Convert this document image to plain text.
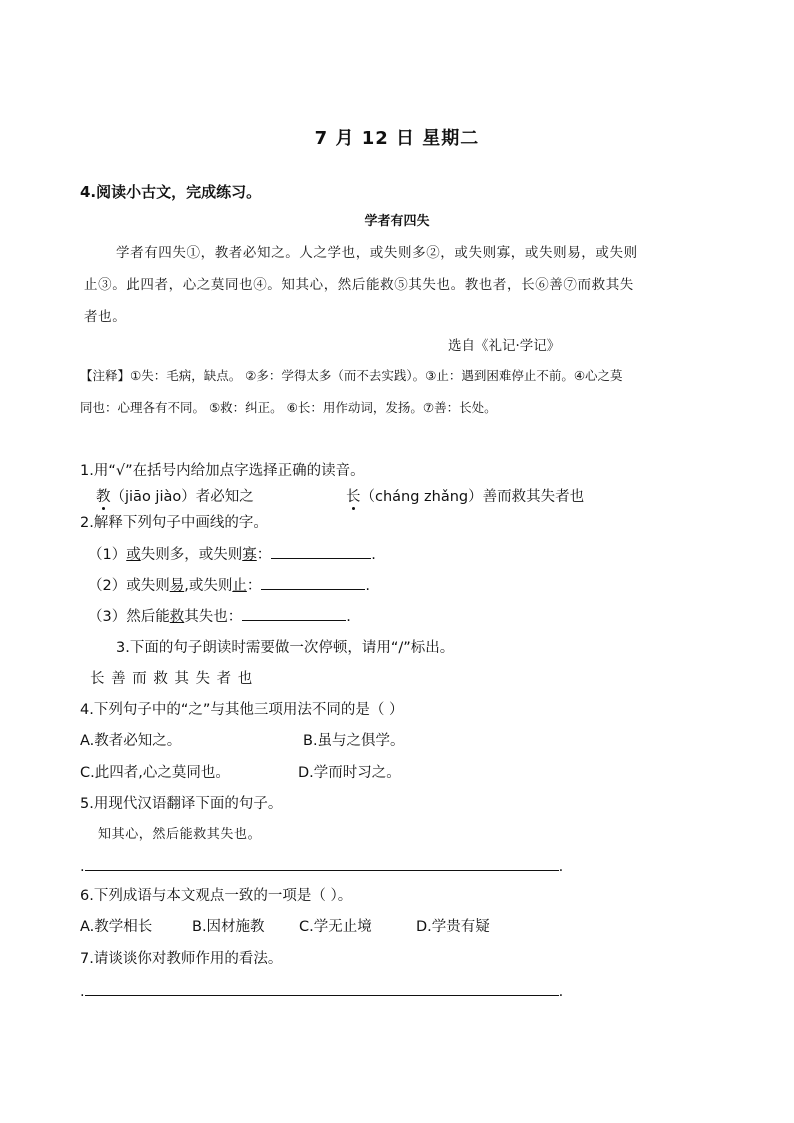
7 月 12 日 星期二
4.阅读小古文，完成练习。
学者有四失
学者有四失①，教者必知之。人之学也，或失则多②，或失则寡，或失则易，或失则
止③。此四者，心之莫同也④。知其心，然后能救⑤其失也。教也者，长⑥善⑦而救其失
者也。
选自《礼记·学记》
【注释】①失：毛病，缺点。 ②多：学得太多（而不去实践）。③止：遇到困难停止不前。④心之莫
同也：心理各有不同。 ⑤救：纠正。 ⑥长：用作动词，发扬。⑦善：长处。
1.用“√”在括号内给加点字选择正确的读音。
教（jiāo jiào）者必知之	长（cháng zhǎng）善而救其失者也
2.解释下列句子中画线的字。
（1）或失则多，或失则寡：	.
（2）或失则易,或失则止：	.
（3）然后能救其失也：	.
3.下面的句子朗读时需要做一次停顿，请用“/”标出。
长 善 而 救 其 失 者 也
4.下列句子中的“之”与其他三项用法不同的是（ ）
A.教者必知之。	B.虽与之俱学。
C.此四者,心之莫同也。	D.学而时习之。
5.用现代汉语翻译下面的句子。
知其心，然后能救其失也。
.	.
6.下列成语与本文观点一致的一项是（ ）。
A.教学相长	B.因材施教 C.学无止境	D.学贵有疑
7.请谈谈你对教师作用的看法。
.	.
